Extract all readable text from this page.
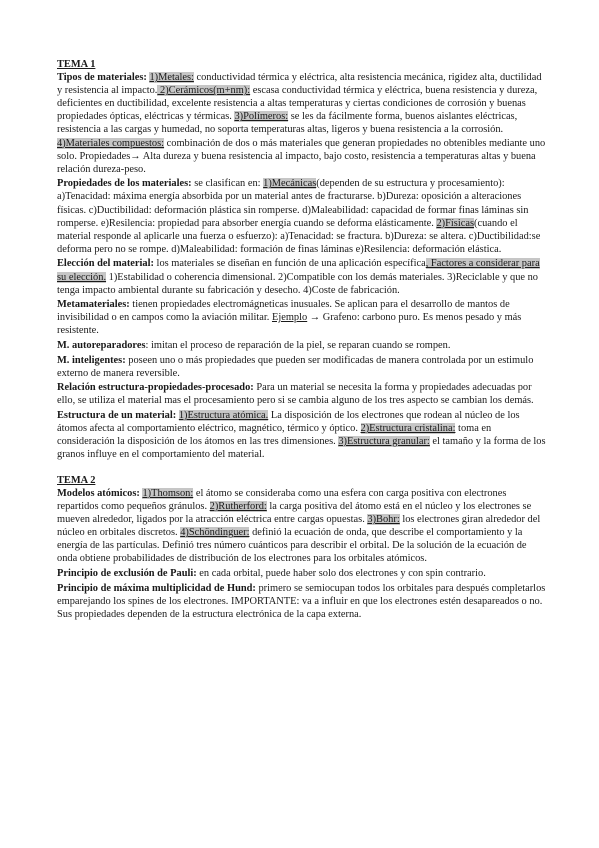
TEMA 1

Tipos de materiales: 1)Metales: conductividad térmica y eléctrica, alta resistencia mecánica, rigidez alta, ductilidad y resistencia al impacto. 2)Cerámicos(m+nm): escasa conductividad térmica y eléctrica, buena resistencia y dureza, deficientes en ductibilidad, excelente resistencia a altas temperaturas y ciertas condiciones de corrosión y buenas propiedades ópticas, eléctricas y térmicas. 3)Polímeros: se les da fácilmente forma, buenos aislantes eléctricas, resistencia a las cargas y humedad, no soporta temperaturas altas, ligeros y buena resistencia a la corrosión. 4)Materiales compuestos: combinación de dos o más materiales que generan propiedades no obtenibles mediante uno solo. Propiedades→ Alta dureza y buena resistencia al impacto, bajo costo, resistencia a temperaturas altas y buena relación dureza-peso.

Propiedades de los materiales: se clasifican en: 1)Mecánicas(dependen de su estructura y procesamiento): a)Tenacidad: máxima energía absorbida por un material antes de fracturarse. b)Dureza: oposición a alteraciones físicas. c)Ductibilidad: deformación plástica sin romperse. d)Maleabilidad: capacidad de formar finas láminas sin romperse. e)Resilencia: propiedad para absorber energía cuando se deforma elásticamente. 2)Físicas(cuando el material responde al aplicarle una fuerza o esfuerzo): a)Tenacidad: se fractura. b)Dureza: se altera. c)Ductibilidad:se deforma pero no se rompe. d)Maleabilidad: formación de finas láminas e)Resilencia: deformación elástica.

Elección del material: los materiales se diseñan en función de una aplicación específica, Factores a considerar para su elección. 1)Estabilidad o coherencia dimensional. 2)Compatible con los demás materiales. 3)Reciclable y que no tenga impacto ambiental durante su fabricación y desecho. 4)Coste de fabricación.

Metamateriales: tienen propiedades electromágneticas inusuales. Se aplican para el desarrollo de mantos de invisibilidad o en campos como la aviación militar. Ejemplo → Grafeno: carbono puro. Es menos pesado y más resistente.

M. autoreparadores: imitan el proceso de reparación de la piel, se reparan cuando se rompen.

M. inteligentes: poseen uno o más propiedades que pueden ser modificadas de manera controlada por un estimulo externo de manera reversible.

Relación estructura-propiedades-procesado: Para un material se necesita la forma y propiedades adecuadas por ello, se utiliza el material mas el procesamiento pero si se cambia alguno de los tres aspecto se cambian los demás.

Estructura de un material: 1)Estructura atómica. La disposición de los electrones que rodean al núcleo de los átomos afecta al comportamiento eléctrico, magnético, térmico y óptico. 2)Estructura cristalina: toma en consideración la disposición de los átomos en las tres dimensiones. 3)Estructura granular: el tamaño y la forma de los granos influye en el comportamiento del material.

TEMA 2

Modelos atómicos: 1)Thomson: el átomo se consideraba como una esfera con carga positiva con electrones repartidos como pequeños gránulos. 2)Rutherford: la carga positiva del átomo está en el núcleo y los electrones se mueven alrededor, ligados por la atracción eléctrica entre cargas opuestas. 3)Bohr: los electrones giran alrededor del núcleo en orbitales discretos. 4)Schöndinguer: definió la ecuación de onda, que describe el comportamiento y la energía de las partículas. Definió tres número cuánticos para describir el orbital. De la solución de la ecuación de onda obtiene probabilidades de distribución de los electrones para los orbitales atómicos.

Principio de exclusión de Pauli: en cada orbital, puede haber solo dos electrones y con spin contrario.

Principio de máxima multiplicidad de Hund: primero se semiocupan todos los orbitales para después completarlos emparejando los spines de los electrones. IMPORTANTE: va a influir en que los electrones estén desapareados o no. Sus propiedades dependen de la estructura electrónica de la capa externa.
